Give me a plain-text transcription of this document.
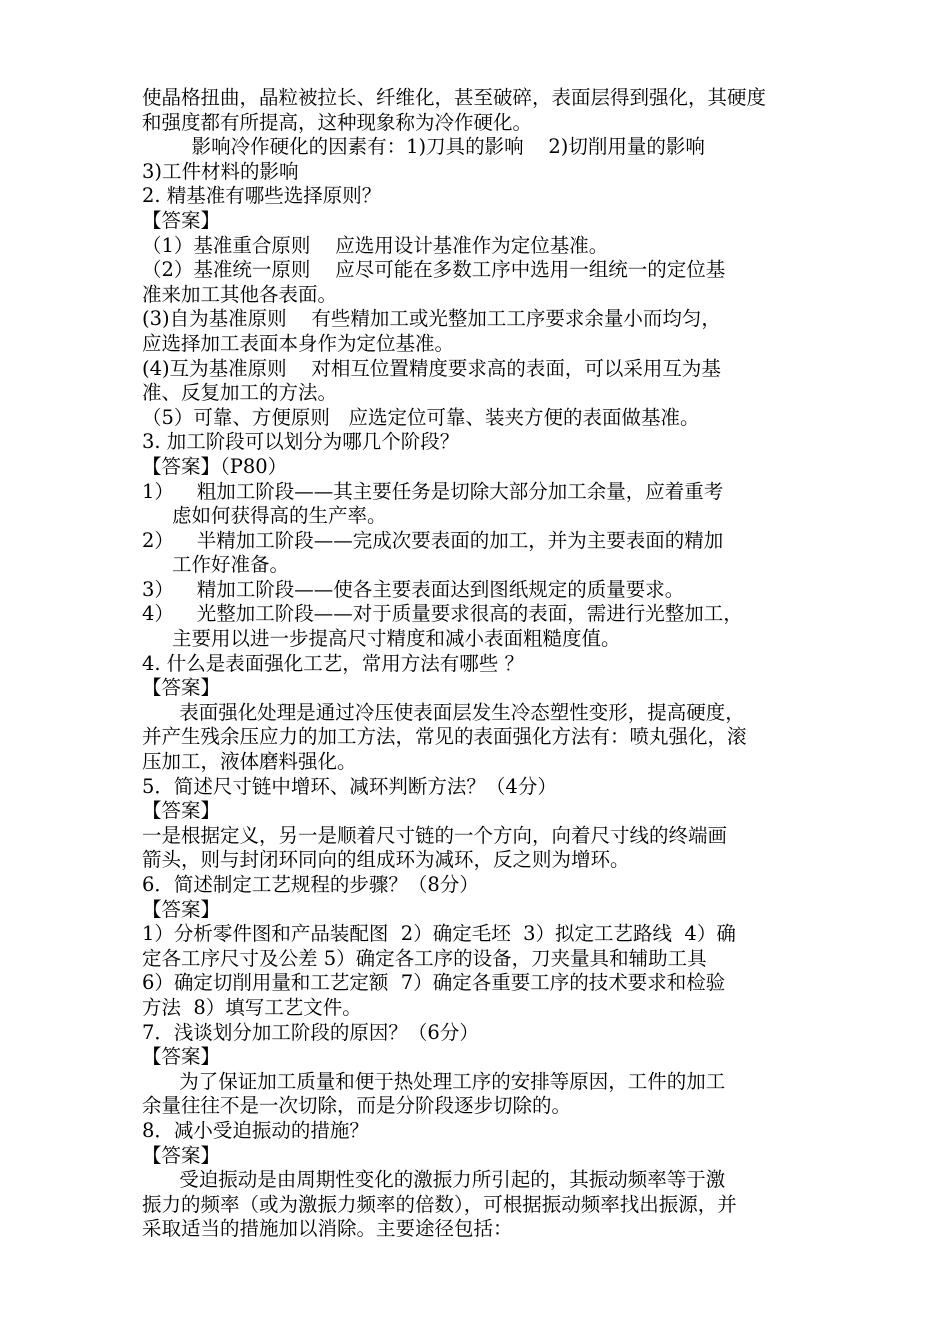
使晶格扭曲，晶粒被拉长、纤维化，甚至破碎，表面层得到强化，其硬度

和强度都有所提高，这种现象称为冷作硬化。

影响冷作硬化的因素有：1)刀具的影响    2)切削用量的影响

3)工件材料的影响

2. 精基准有哪些选择原则？

【答案】

（1）基准重合原则    应选用设计基准作为定位基准。

（2）基准统一原则    应尽可能在多数工序中选用一组统一的定位基

准来加工其他各表面。

(3)自为基准原则    有些精加工或光整加工工序要求余量小而均匀，

应选择加工表面本身作为定位基准。

(4)互为基准原则    对相互位置精度要求高的表面，可以采用互为基

准、反复加工的方法。

（5）可靠、方便原则   应选定位可靠、装夹方便的表面做基准。

3. 加工阶段可以划分为哪几个阶段？

【答案】（P80）

1）
粗加工阶段——其主要任务是切除大部分加工余量，应着重考
虑如何获得高的生产率。
2）
半精加工阶段——完成次要表面的加工，并为主要表面的精加
工作好准备。
3）
精加工阶段——使各主要表面达到图纸规定的质量要求。
4）
光整加工阶段——对于质量要求很高的表面，需进行光整加工，
主要用以进一步提高尺寸精度和减小表面粗糙度值。

4. 什么是表面强化工艺，常用方法有哪些 ？

【答案】

表面强化处理是通过冷压使表面层发生冷态塑性变形，提高硬度，

并产生残余压应力的加工方法，常见的表面强化方法有：喷丸强化，滚

压加工，液体磨料强化。

5．简述尺寸链中增环、减环判断方法？（4分）

【答案】

一是根据定义，另一是顺着尺寸链的一个方向，向着尺寸线的终端画

箭头，则与封闭环同向的组成环为减环，反之则为增环。

6．简述制定工艺规程的步骤？（8分）

【答案】

1）分析零件图和产品装配图  2）确定毛坯  3）拟定工艺路线  4）确

定各工序尺寸及公差 5）确定各工序的设备，刀夹量具和辅助工具

6）确定切削用量和工艺定额  7）确定各重要工序的技术要求和检验

方法  8）填写工艺文件。

7．浅谈划分加工阶段的原因？（6分）

【答案】

为了保证加工质量和便于热处理工序的安排等原因，工件的加工

余量往往不是一次切除，而是分阶段逐步切除的。

8．减小受迫振动的措施？

【答案】

受迫振动是由周期性变化的激振力所引起的，其振动频率等于激

振力的频率（或为激振力频率的倍数），可根据振动频率找出振源，并

采取适当的措施加以消除。主要途径包括：
